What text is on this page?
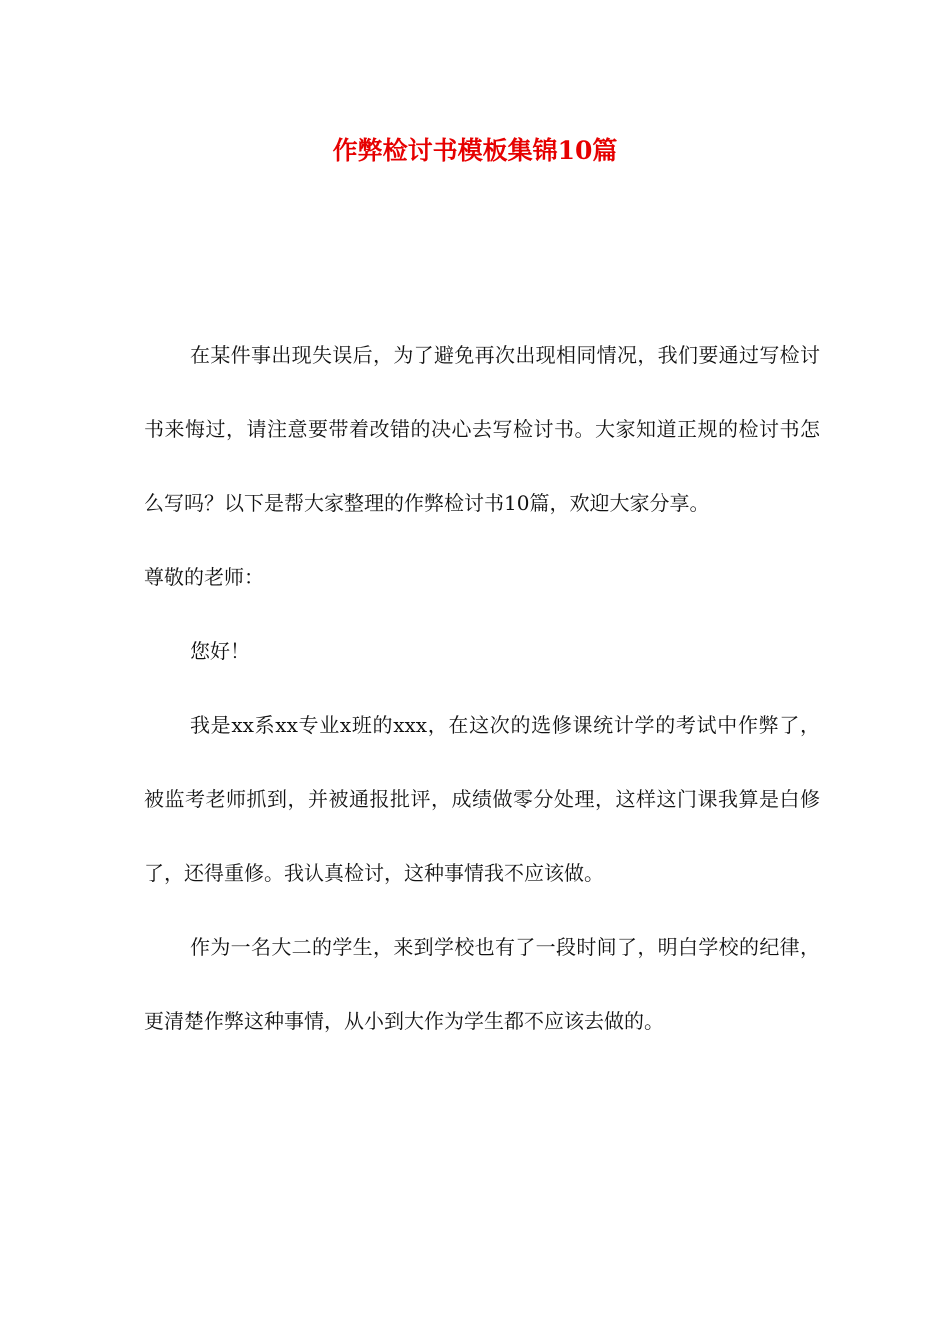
作弊检讨书模板集锦10篇

在某件事出现失误后，为了避免再次出现相同情况，我们要通过写检讨书来悔过，请注意要带着改错的决心去写检讨书。大家知道正规的检讨书怎么写吗？以下是帮大家整理的作弊检讨书10篇，欢迎大家分享。

尊敬的老师：

您好！

我是xx系xx专业x班的xxx，在这次的选修课统计学的考试中作弊了，被监考老师抓到，并被通报批评，成绩做零分处理，这样这门课我算是白修了，还得重修。我认真检讨，这种事情我不应该做。

作为一名大二的学生，来到学校也有了一段时间了，明白学校的纪律，更清楚作弊这种事情，从小到大作为学生都不应该去做的。
